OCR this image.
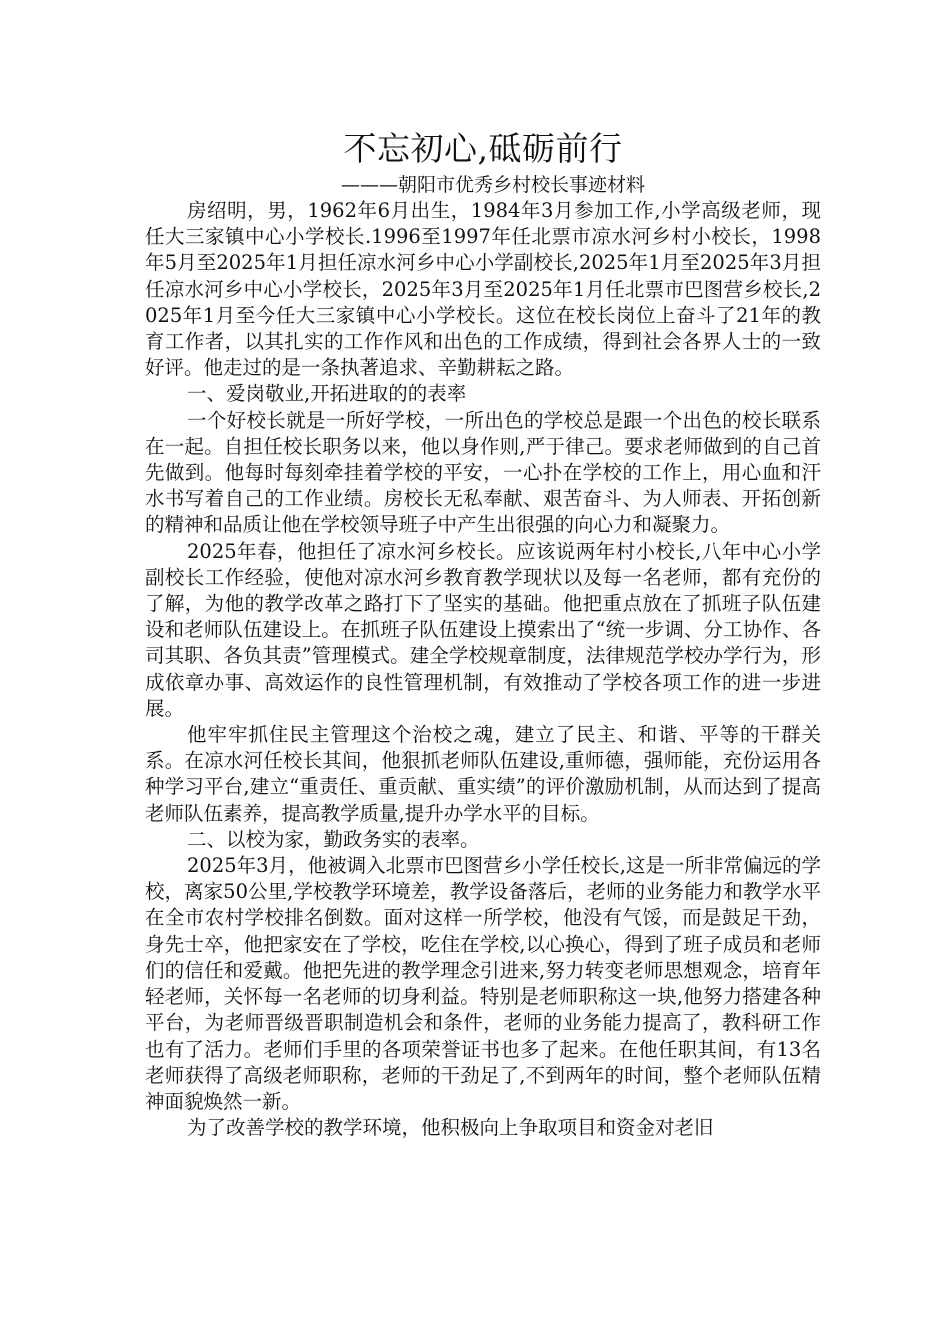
不忘初心,砥砺前行
———朝阳市优秀乡村校长事迹材料

房绍明，男，1962年6月出生，1984年3月参加工作,小学高级老师，现任大三家镇中心小学校长.1996至1997年任北票市凉水河乡村小校长，1998年5月至2025年1月担任凉水河乡中心小学副校长,2025年1月至2025年3月担任凉水河乡中心小学校长，2025年3月至2025年1月任北票市巴图营乡校长,2025年1月至今任大三家镇中心小学校长。这位在校长岗位上奋斗了21年的教育工作者，以其扎实的工作作风和出色的工作成绩，得到社会各界人士的一致好评。他走过的是一条执著追求、辛勤耕耘之路。

一、爱岗敬业,开拓进取的的表率

一个好校长就是一所好学校，一所出色的学校总是跟一个出色的校长联系在一起。自担任校长职务以来，他以身作则,严于律己。要求老师做到的自己首先做到。他每时每刻牵挂着学校的平安，一心扑在学校的工作上，用心血和汗水书写着自己的工作业绩。房校长无私奉献、艰苦奋斗、为人师表、开拓创新的精神和品质让他在学校领导班子中产生出很强的向心力和凝聚力。

2025年春，他担任了凉水河乡校长。应该说两年村小校长,八年中心小学副校长工作经验，使他对凉水河乡教育教学现状以及每一名老师，都有充份的了解，为他的教学改革之路打下了坚实的基础。他把重点放在了抓班子队伍建设和老师队伍建设上。在抓班子队伍建设上摸索出了“统一步调、分工协作、各司其职、各负其责”管理模式。建全学校规章制度，法律规范学校办学行为，形成依章办事、高效运作的良性管理机制，有效推动了学校各项工作的进一步进展。

他牢牢抓住民主管理这个治校之魂，建立了民主、和谐、平等的干群关系。在凉水河任校长其间，他狠抓老师队伍建设,重师德，强师能，充份运用各种学习平台,建立“重责任、重贡献、重实绩”的评价激励机制，从而达到了提高老师队伍素养，提高教学质量,提升办学水平的目标。

二、以校为家，勤政务实的表率。

2025年3月，他被调入北票市巴图营乡小学任校长,这是一所非常偏远的学校，离家50公里,学校教学环境差，教学设备落后，老师的业务能力和教学水平在全市农村学校排名倒数。面对这样一所学校，他没有气馁，而是鼓足干劲，身先士卒，他把家安在了学校，吃住在学校,以心换心，得到了班子成员和老师们的信任和爱戴。他把先进的教学理念引进来,努力转变老师思想观念，培育年轻老师，关怀每一名老师的切身利益。特别是老师职称这一块,他努力搭建各种平台，为老师晋级晋职制造机会和条件，老师的业务能力提高了，教科研工作也有了活力。老师们手里的各项荣誉证书也多了起来。在他任职其间，有13名老师获得了高级老师职称，老师的干劲足了,不到两年的时间，整个老师队伍精神面貌焕然一新。

为了改善学校的教学环境，他积极向上争取项目和资金对老旧
